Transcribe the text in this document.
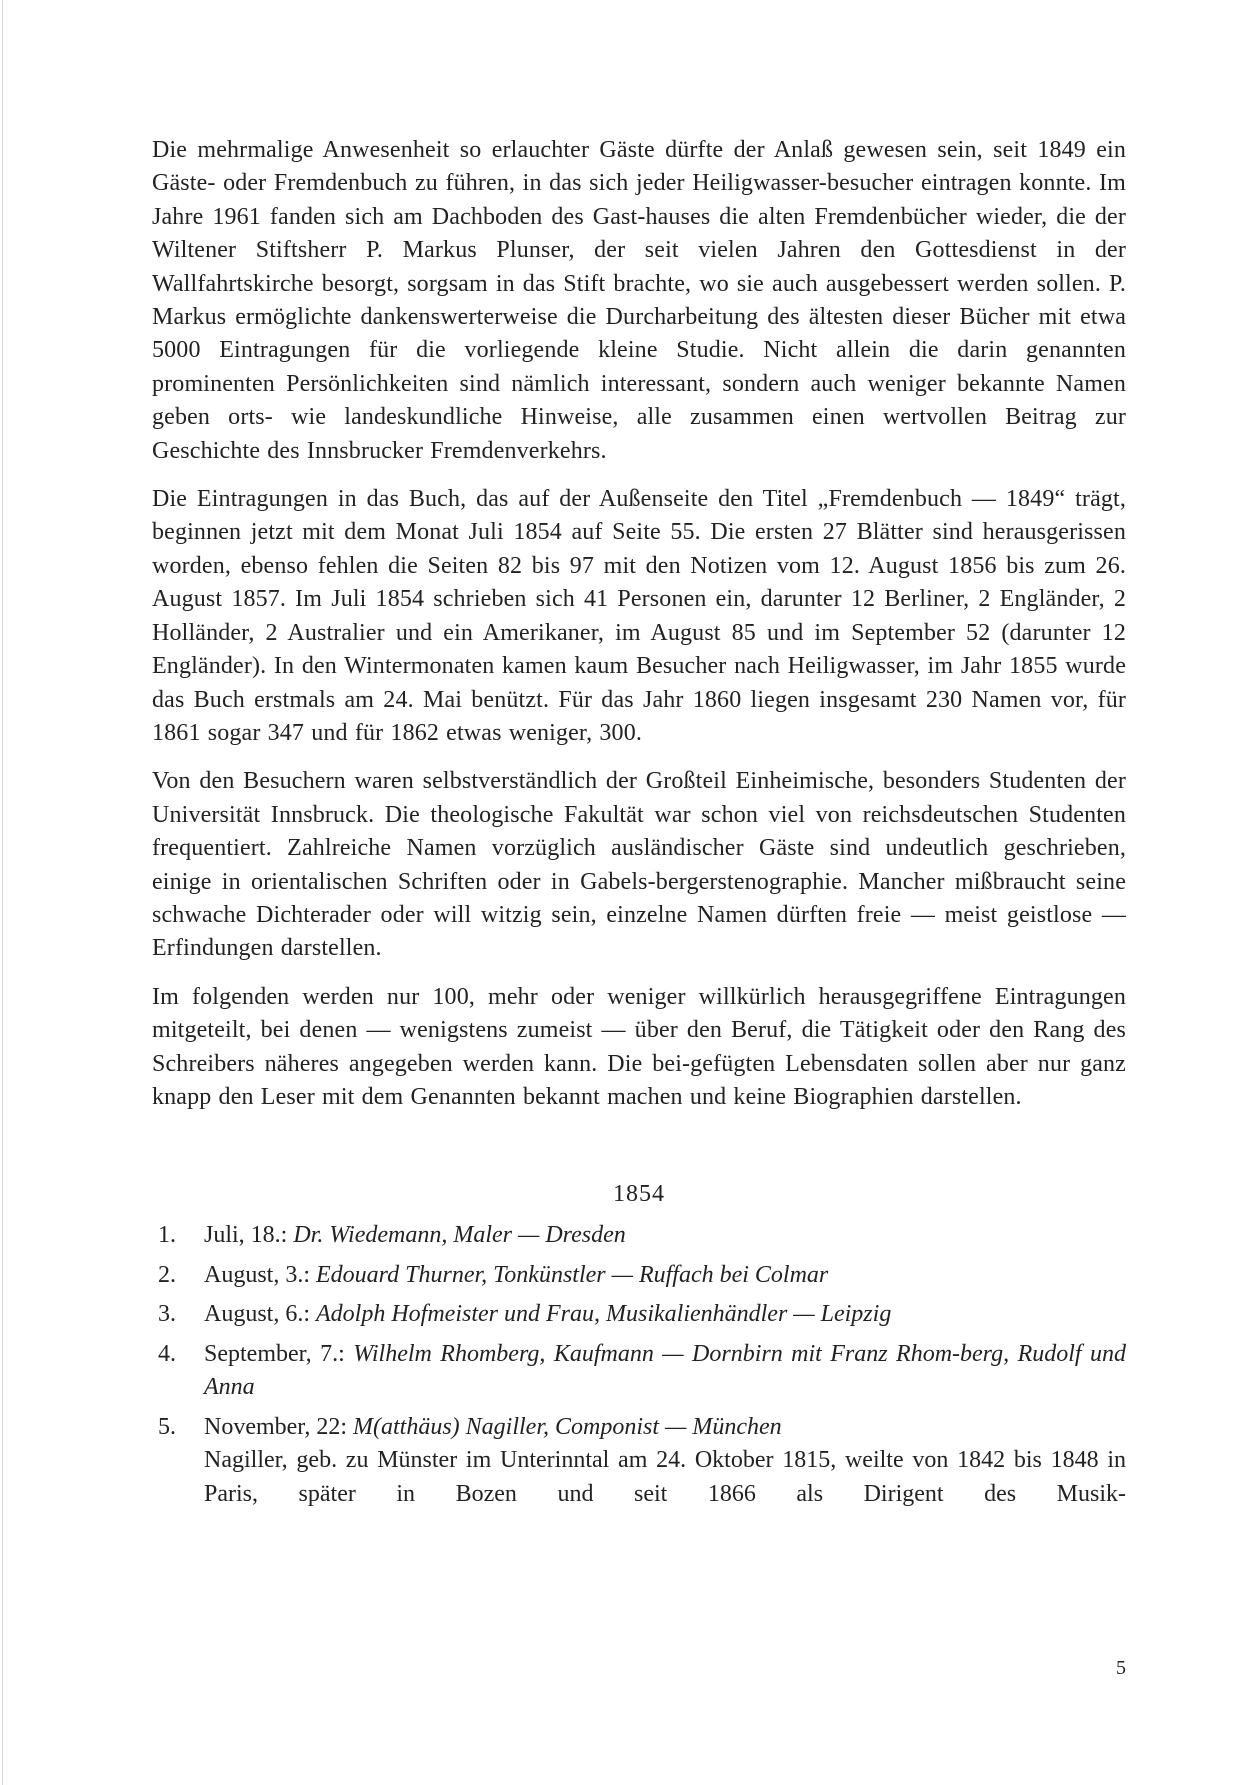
Die mehrmalige Anwesenheit so erlauchter Gäste dürfte der Anlaß gewesen sein, seit 1849 ein Gäste- oder Fremdenbuch zu führen, in das sich jeder Heiligwasser-besucher eintragen konnte. Im Jahre 1961 fanden sich am Dachboden des Gast-hauses die alten Fremdenbücher wieder, die der Wiltener Stiftsherr P. Markus Plunser, der seit vielen Jahren den Gottesdienst in der Wallfahrtskirche besorgt, sorgsam in das Stift brachte, wo sie auch ausgebessert werden sollen. P. Markus ermöglichte dankenswerterweise die Durcharbeitung des ältesten dieser Bücher mit etwa 5000 Eintragungen für die vorliegende kleine Studie. Nicht allein die darin genannten prominenten Persönlichkeiten sind nämlich interessant, sondern auch weniger bekannte Namen geben orts- wie landeskundliche Hinweise, alle zusammen einen wertvollen Beitrag zur Geschichte des Innsbrucker Fremdenverkehrs.

Die Eintragungen in das Buch, das auf der Außenseite den Titel „Fremdenbuch — 1849“ trägt, beginnen jetzt mit dem Monat Juli 1854 auf Seite 55. Die ersten 27 Blätter sind herausgerissen worden, ebenso fehlen die Seiten 82 bis 97 mit den Notizen vom 12. August 1856 bis zum 26. August 1857. Im Juli 1854 schrieben sich 41 Personen ein, darunter 12 Berliner, 2 Engländer, 2 Holländer, 2 Australier und ein Amerikaner, im August 85 und im September 52 (darunter 12 Engländer). In den Wintermonaten kamen kaum Besucher nach Heiligwasser, im Jahr 1855 wurde das Buch erstmals am 24. Mai benützt. Für das Jahr 1860 liegen insgesamt 230 Namen vor, für 1861 sogar 347 und für 1862 etwas weniger, 300.

Von den Besuchern waren selbstverständlich der Großteil Einheimische, besonders Studenten der Universität Innsbruck. Die theologische Fakultät war schon viel von reichsdeutschen Studenten frequentiert. Zahlreiche Namen vorzüglich ausländischer Gäste sind undeutlich geschrieben, einige in orientalischen Schriften oder in Gabels-bergerstenographie. Mancher mißbraucht seine schwache Dichterader oder will witzig sein, einzelne Namen dürften freie — meist geistlose — Erfindungen darstellen.

Im folgenden werden nur 100, mehr oder weniger willkürlich herausgegriffene Eintragungen mitgeteilt, bei denen — wenigstens zumeist — über den Beruf, die Tätigkeit oder den Rang des Schreibers näheres angegeben werden kann. Die bei-gefügten Lebensdaten sollen aber nur ganz knapp den Leser mit dem Genannten bekannt machen und keine Biographien darstellen.

1854
1. Juli, 18.: Dr. Wiedemann, Maler — Dresden
2. August, 3.: Edouard Thurner, Tonkünstler — Ruffach bei Colmar
3. August, 6.: Adolph Hofmeister und Frau, Musikalienhändler — Leipzig
4. September, 7.: Wilhelm Rhomberg, Kaufmann — Dornbirn mit Franz Rhom-berg, Rudolf und Anna
5. November, 22: M(atthäus) Nagiller, Componist — München

Nagiller, geb. zu Münster im Unterinntal am 24. Oktober 1815, weilte von 1842 bis 1848 in Paris, später in Bozen und seit 1866 als Dirigent des Musik-

5
